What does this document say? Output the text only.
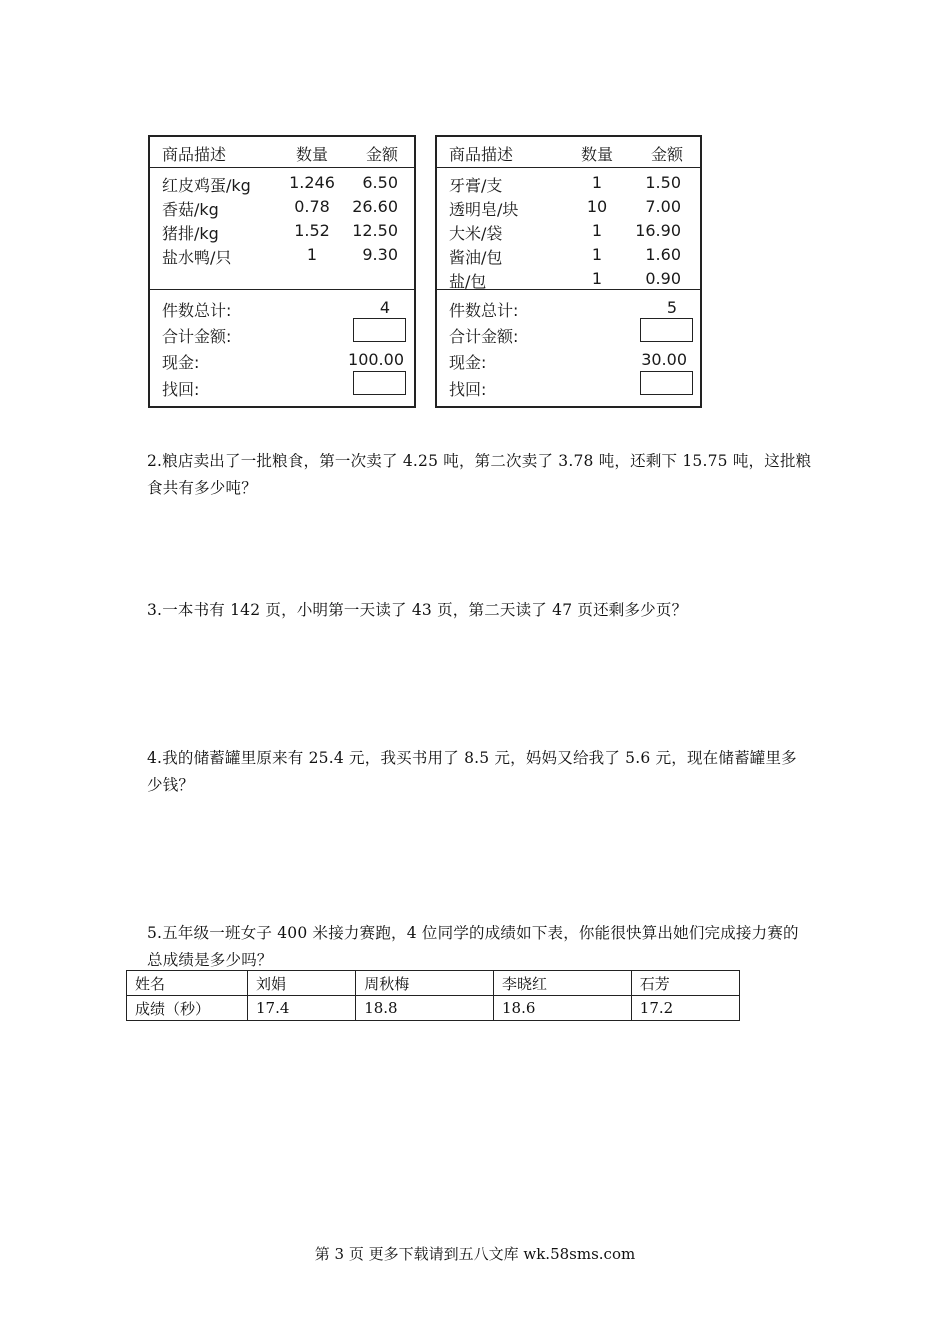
商品描述	数量	金额
红皮鸡蛋/kg	1.246	6.50
香菇/kg	0.78	26.60
猪排/kg	1.52	12.50
盐水鸭/只	1	9.30
件数总计:	4
合计金额:
现金:	100.00
找回:
商品描述	数量	金额
牙膏/支	1	1.50
透明皂/块	10	7.00
大米/袋	1	16.90
酱油/包	1	1.60
盐/包	1	0.90
件数总计:	5
合计金额:
现金:	30.00
找回:
2.粮店卖出了一批粮食，第一次卖了 4.25 吨，第二次卖了 3.78 吨，还剩下 15.75 吨，这批粮食共有多少吨？
3.一本书有 142 页，小明第一天读了 43 页，第二天读了 47 页还剩多少页？
4.我的储蓄罐里原来有 25.4 元，我买书用了 8.5 元，妈妈又给我了 5.6 元，现在储蓄罐里多少钱？
5.五年级一班女子 400 米接力赛跑，4 位同学的成绩如下表，你能很快算出她们完成接力赛的总成绩是多少吗？
姓名	刘娟	周秋梅	李晓红	石芳
成绩（秒）	17.4	18.8	18.6	17.2
第 3 页 更多下载请到五八文库 wk.58sms.com
